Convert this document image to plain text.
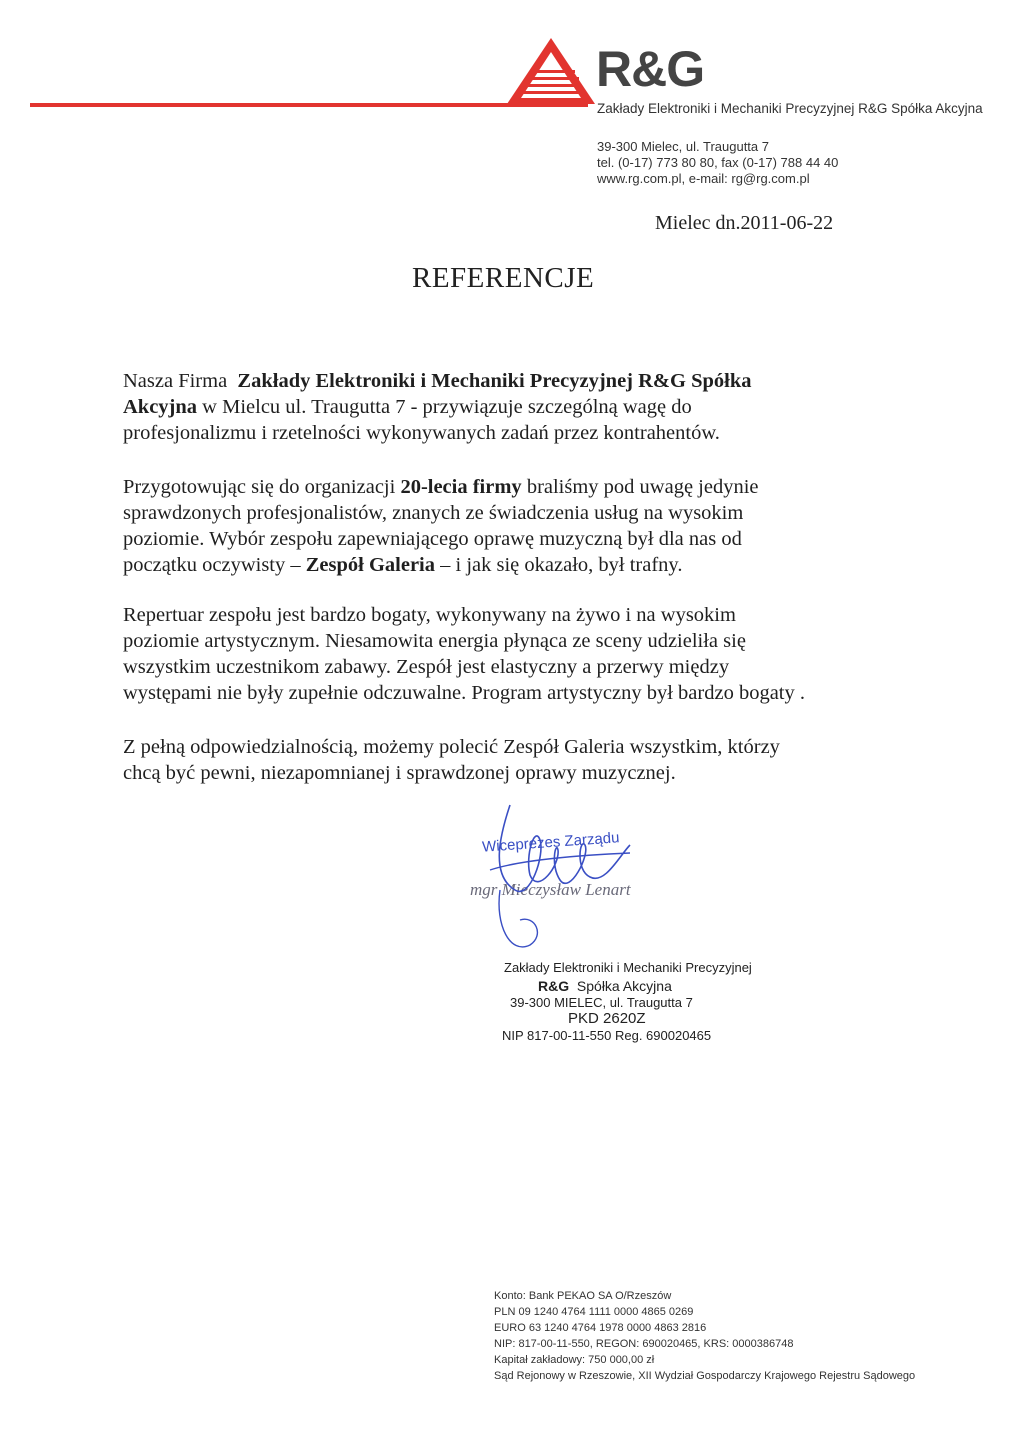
R&G
Zakłady Elektroniki i Mechaniki Precyzyjnej R&G Spółka Akcyjna
39-300 Mielec, ul. Traugutta 7
tel. (0-17) 773 80 80, fax (0-17) 788 44 40
www.rg.com.pl, e-mail: rg@rg.com.pl
Mielec dn.2011-06-22
REFERENCJE
Nasza Firma Zakłady Elektroniki i Mechaniki Precyzyjnej R&G Spółka
Akcyjna w Mielcu ul. Traugutta 7 - przywiązuje szczególną wagę do
profesjonalizmu i rzetelności wykonywanych zadań przez kontrahentów.
Przygotowując się do organizacji 20-lecia firmy braliśmy pod uwagę jedynie
sprawdzonych profesjonalistów, znanych ze świadczenia usług na wysokim
poziomie. Wybór zespołu zapewniającego oprawę muzyczną był dla nas od
początku oczywisty – Zespół Galeria – i jak się okazało, był trafny.
Repertuar zespołu jest bardzo bogaty, wykonywany na żywo i na wysokim
poziomie artystycznym. Niesamowita energia płynąca ze sceny udzieliła się
wszystkim uczestnikom zabawy. Zespół jest elastyczny a przerwy między
występami nie były zupełnie odczuwalne. Program artystyczny był bardzo bogaty .
Z pełną odpowiedzialnością, możemy polecić Zespół Galeria wszystkim, którzy
chcą być pewni, niezapomnianej i sprawdzonej oprawy muzycznej.
Wiceprezes Zarządu
mgr Mieczysław Lenart
Zakłady Elektroniki i Mechaniki Precyzyjnej
R&G Spółka Akcyjna
39-300 MIELEC, ul. Traugutta 7
PKD 2620Z
NIP 817-00-11-550 Reg. 690020465
Konto: Bank PEKAO SA O/Rzeszów
PLN 09 1240 4764 1111 0000 4865 0269
EURO 63 1240 4764 1978 0000 4863 2816
NIP: 817-00-11-550, REGON: 690020465, KRS: 0000386748
Kapitał zakładowy: 750 000,00 zł
Sąd Rejonowy w Rzeszowie, XII Wydział Gospodarczy Krajowego Rejestru Sądowego
